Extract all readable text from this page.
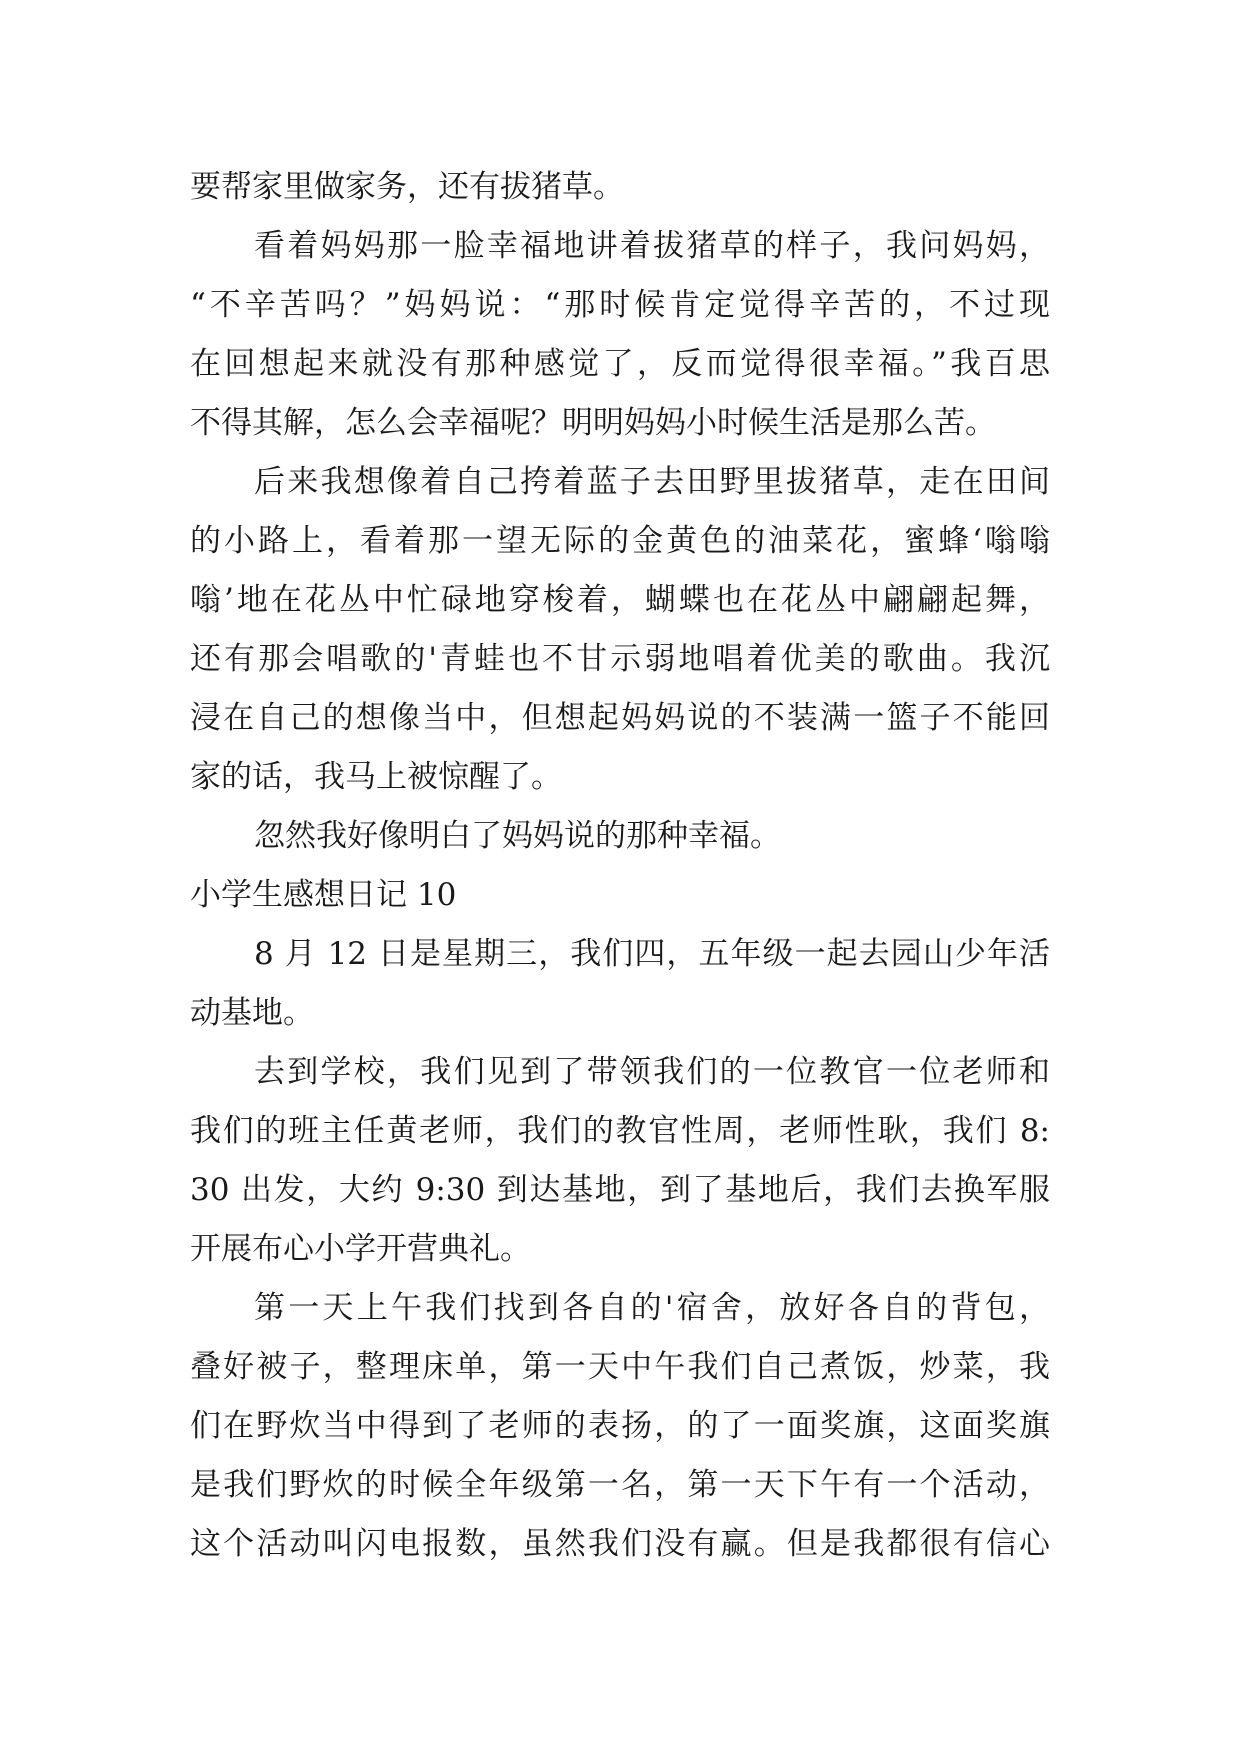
要帮家里做家务，还有拔猪草。
看着妈妈那一脸幸福地讲着拔猪草的样子，我问妈妈，
“不辛苦吗？”妈妈说：“那时候肯定觉得辛苦的，不过现
在回想起来就没有那种感觉了，反而觉得很幸福。”我百思
不得其解，怎么会幸福呢？明明妈妈小时候生活是那么苦。
后来我想像着自己挎着蓝子去田野里拔猪草，走在田间
的小路上，看着那一望无际的金黄色的油菜花，蜜蜂‘嗡嗡
嗡’地在花丛中忙碌地穿梭着，蝴蝶也在花丛中翩翩起舞，
还有那会唱歌的'青蛙也不甘示弱地唱着优美的歌曲。我沉
浸在自己的想像当中，但想起妈妈说的不装满一篮子不能回
家的话，我马上被惊醒了。
忽然我好像明白了妈妈说的那种幸福。
小学生感想日记 10
8 月 12 日是星期三，我们四，五年级一起去园山少年活
动基地。
去到学校，我们见到了带领我们的一位教官一位老师和
我们的班主任黄老师，我们的教官性周，老师性耿，我们 8:
30 出发，大约 9:30 到达基地，到了基地后，我们去换军服
开展布心小学开营典礼。
第一天上午我们找到各自的'宿舍，放好各自的背包，
叠好被子，整理床单，第一天中午我们自己煮饭，炒菜，我
们在野炊当中得到了老师的表扬，的了一面奖旗，这面奖旗
是我们野炊的时候全年级第一名，第一天下午有一个活动，
这个活动叫闪电报数，虽然我们没有赢。但是我都很有信心
